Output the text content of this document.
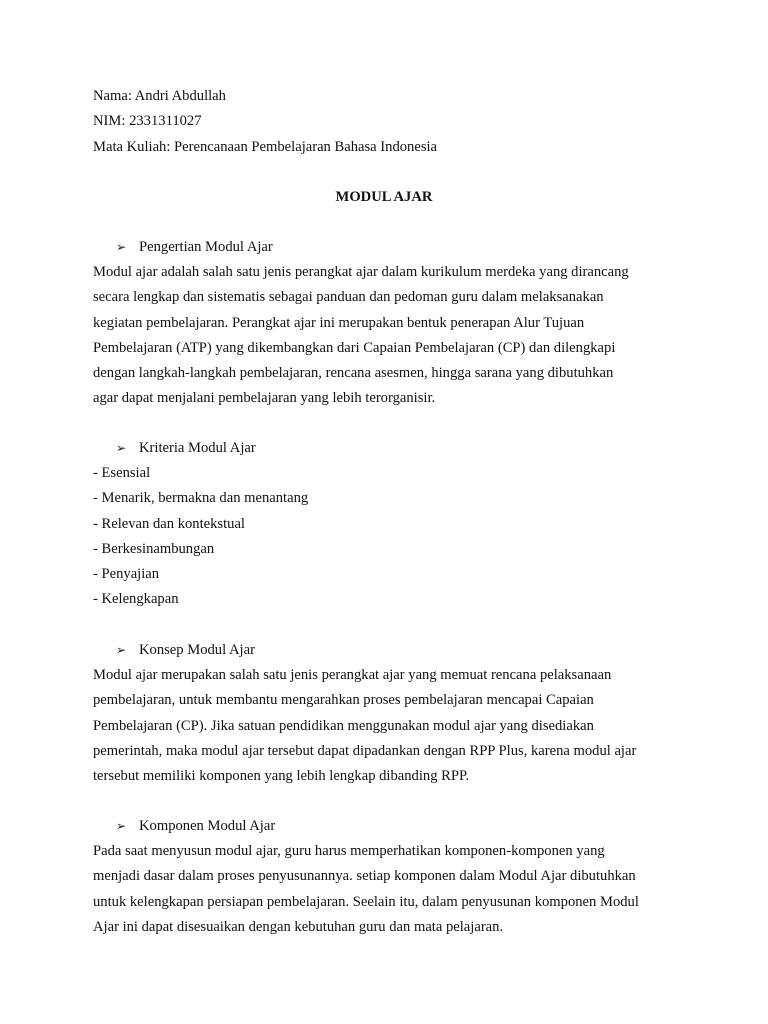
Nama: Andri Abdullah
NIM: 2331311027
Mata Kuliah: Perencanaan Pembelajaran Bahasa Indonesia
MODUL AJAR
➢ Pengertian Modul Ajar
Modul ajar adalah salah satu jenis perangkat ajar dalam kurikulum merdeka yang dirancang
secara lengkap dan sistematis sebagai panduan dan pedoman guru dalam melaksanakan
kegiatan pembelajaran. Perangkat ajar ini merupakan bentuk penerapan Alur Tujuan
Pembelajaran (ATP) yang dikembangkan dari Capaian Pembelajaran (CP) dan dilengkapi
dengan langkah-langkah pembelajaran, rencana asesmen, hingga sarana yang dibutuhkan
agar dapat menjalani pembelajaran yang lebih terorganisir.
➢ Kriteria Modul Ajar
- Esensial
- Menarik, bermakna dan menantang
- Relevan dan kontekstual
- Berkesinambungan
- Penyajian
- Kelengkapan
➢ Konsep Modul Ajar
Modul ajar merupakan salah satu jenis perangkat ajar yang memuat rencana pelaksanaan
pembelajaran, untuk membantu mengarahkan proses pembelajaran mencapai Capaian
Pembelajaran (CP). Jika satuan pendidikan menggunakan modul ajar yang disediakan
pemerintah, maka modul ajar tersebut dapat dipadankan dengan RPP Plus, karena modul ajar
tersebut memiliki komponen yang lebih lengkap dibanding RPP.
➢ Komponen Modul Ajar
Pada saat menyusun modul ajar, guru harus memperhatikan komponen-komponen yang
menjadi dasar dalam proses penyusunannya. setiap komponen dalam Modul Ajar dibutuhkan
untuk kelengkapan persiapan pembelajaran. Seelain itu, dalam penyusunan komponen Modul
Ajar ini dapat disesuaikan dengan kebutuhan guru dan mata pelajaran.
